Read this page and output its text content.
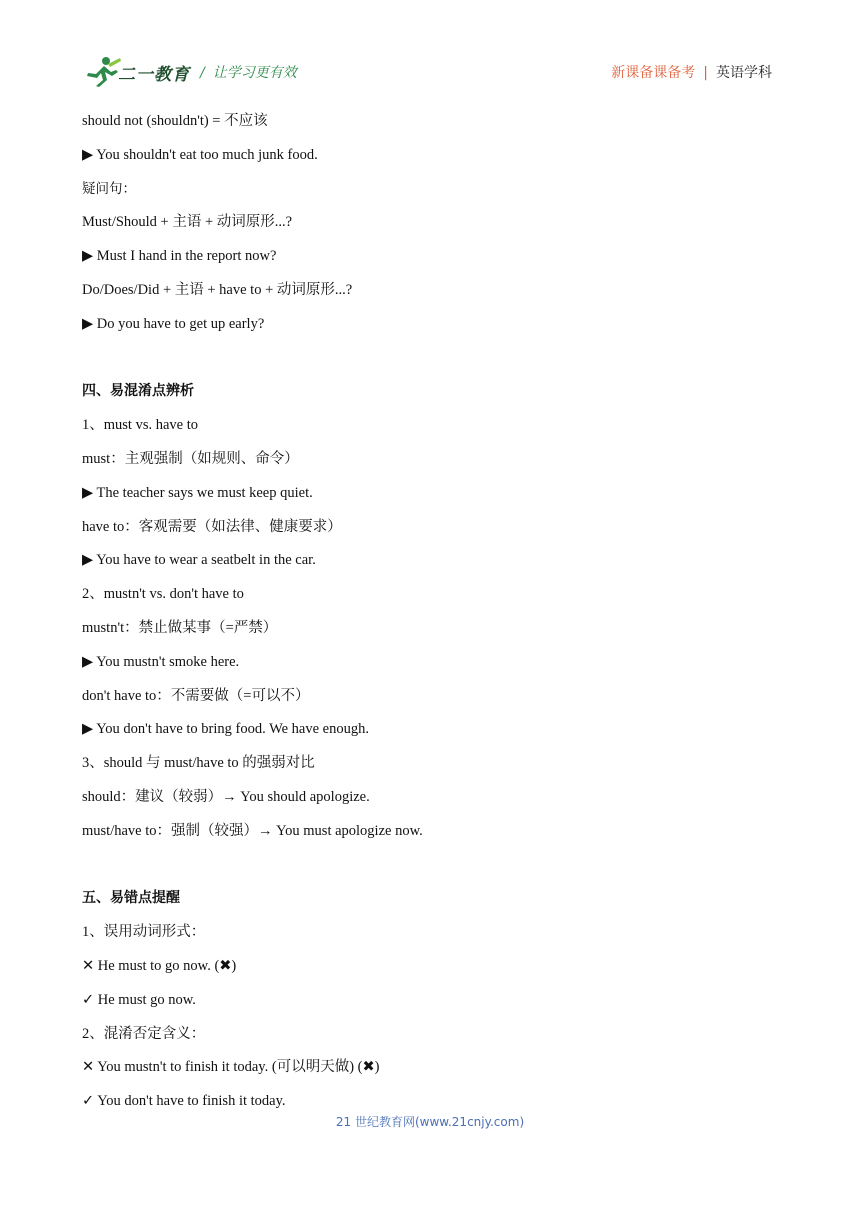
二一教育 / 让学习更有效	新课备课备考 | 英语学科
should not (shouldn't) = 不应该
▶ You shouldn't eat too much junk food.
疑问句：
Must/Should + 主语 + 动词原形...?
▶ Must I hand in the report now?
Do/Does/Did + 主语 + have to + 动词原形...?
▶ Do you have to get up early?
四、易混淆点辨析
1、must vs. have to
must：主观强制（如规则、命令）
▶ The teacher says we must keep quiet.
have to：客观需要（如法律、健康要求）
▶ You have to wear a seatbelt in the car.
2、mustn't vs. don't have to
mustn't：禁止做某事（=严禁）
▶ You mustn't smoke here.
don't have to：不需要做（=可以不）
▶ You don't have to bring food. We have enough.
3、should 与 must/have to 的强弱对比
should：建议（较弱）→ You should apologize.
must/have to：强制（较强）→ You must apologize now.
五、易错点提醒
1、误用动词形式：
✕ He must to go now. (✖)
✓ He must go now.
2、混淆否定含义：
✕ You mustn't to finish it today. (可以明天做) (✖)
✓ You don't have to finish it today.
21 世纪教育网(www.21cnjy.com)
